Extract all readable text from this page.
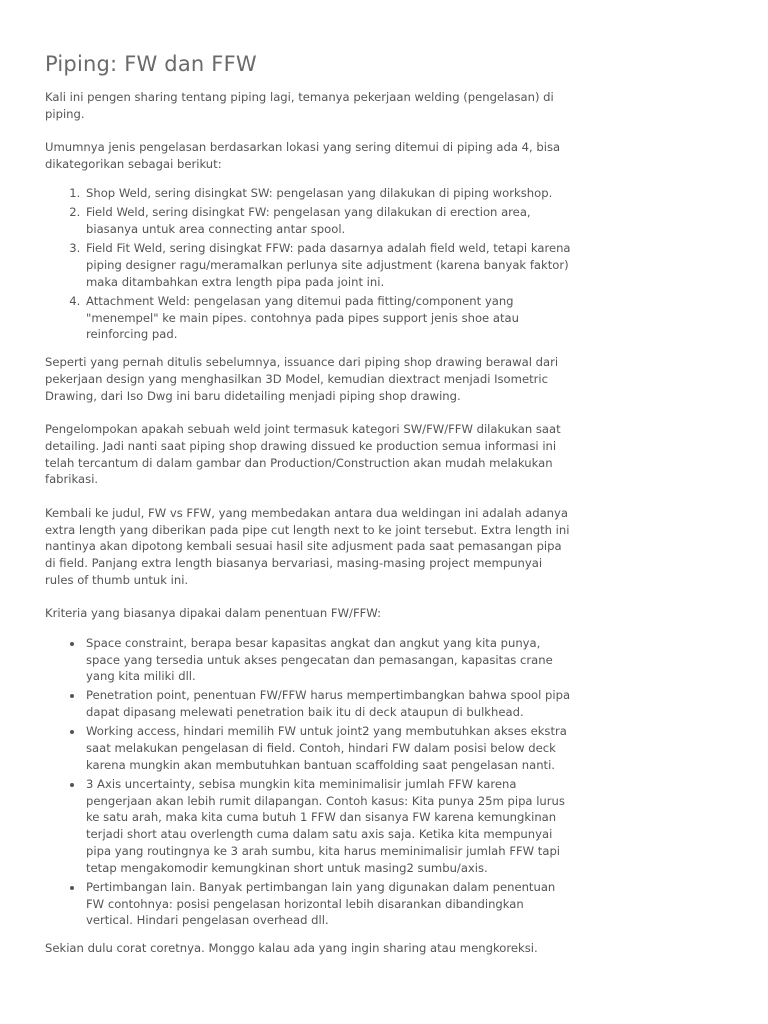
Piping: FW dan FFW

Kali ini pengen sharing tentang piping lagi, temanya pekerjaan welding (pengelasan) di piping.

Umumnya jenis pengelasan berdasarkan lokasi yang sering ditemui di piping ada 4, bisa dikategorikan sebagai berikut:

1. Shop Weld, sering disingkat SW: pengelasan yang dilakukan di piping workshop.
2. Field Weld, sering disingkat FW: pengelasan yang dilakukan di erection area, biasanya untuk area connecting antar spool.
3. Field Fit Weld, sering disingkat FFW: pada dasarnya adalah field weld, tetapi karena piping designer ragu/meramalkan perlunya site adjustment (karena banyak faktor) maka ditambahkan extra length pipa pada joint ini.
4. Attachment Weld: pengelasan yang ditemui pada fitting/component yang "menempel" ke main pipes. contohnya pada pipes support jenis shoe atau reinforcing pad.

Seperti yang pernah ditulis sebelumnya, issuance dari piping shop drawing berawal dari pekerjaan design yang menghasilkan 3D Model, kemudian diextract menjadi Isometric Drawing, dari Iso Dwg ini baru didetailing menjadi piping shop drawing.

Pengelompokan apakah sebuah weld joint termasuk kategori SW/FW/FFW dilakukan saat detailing. Jadi nanti saat piping shop drawing dissued ke production semua informasi ini telah tercantum di dalam gambar dan Production/Construction akan mudah melakukan fabrikasi.

Kembali ke judul, FW vs FFW, yang membedakan antara dua weldingan ini adalah adanya extra length yang diberikan pada pipe cut length next to ke joint tersebut. Extra length ini nantinya akan dipotong kembali sesuai hasil site adjusment pada saat pemasangan pipa di field. Panjang extra length biasanya bervariasi, masing-masing project mempunyai rules of thumb untuk ini.

Kriteria yang biasanya dipakai dalam penentuan FW/FFW:

• Space constraint, berapa besar kapasitas angkat dan angkut yang kita punya, space yang tersedia untuk akses pengecatan dan pemasangan, kapasitas crane yang kita miliki dll.
• Penetration point, penentuan FW/FFW harus mempertimbangkan bahwa spool pipa dapat dipasang melewati penetration baik itu di deck ataupun di bulkhead.
• Working access, hindari memilih FW untuk joint2 yang membutuhkan akses ekstra saat melakukan pengelasan di field. Contoh, hindari FW dalam posisi below deck karena mungkin akan membutuhkan bantuan scaffolding saat pengelasan nanti.
• 3 Axis uncertainty, sebisa mungkin kita meminimalisir jumlah FFW karena pengerjaan akan lebih rumit dilapangan. Contoh kasus: Kita punya 25m pipa lurus ke satu arah, maka kita cuma butuh 1 FFW dan sisanya FW karena kemungkinan terjadi short atau overlength cuma dalam satu axis saja. Ketika kita mempunyai pipa yang routingnya ke 3 arah sumbu, kita harus meminimalisir jumlah FFW tapi tetap mengakomodir kemungkinan short untuk masing2 sumbu/axis.
• Pertimbangan lain. Banyak pertimbangan lain yang digunakan dalam penentuan FW contohnya: posisi pengelasan horizontal lebih disarankan dibandingkan vertical. Hindari pengelasan overhead dll.

Sekian dulu corat coretnya. Monggo kalau ada yang ingin sharing atau mengkoreksi.
